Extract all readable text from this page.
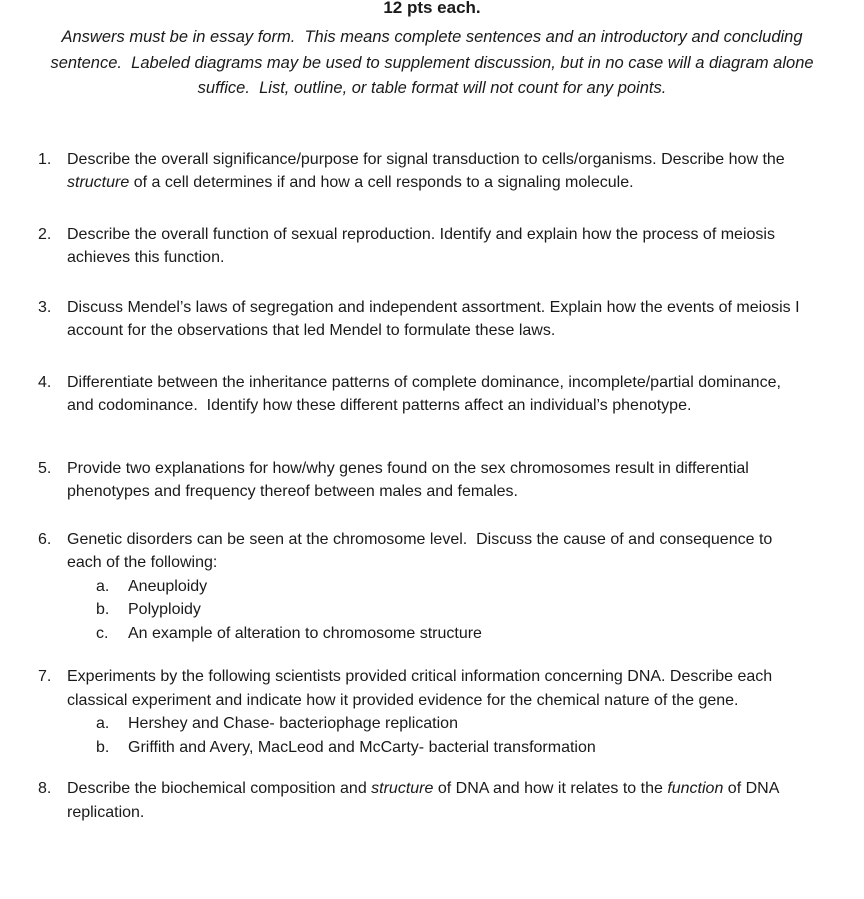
12 pts each.
Answers must be in essay form.  This means complete sentences and an introductory and concluding
sentence.  Labeled diagrams may be used to supplement discussion, but in no case will a diagram alone
suffice.  List, outline, or table format will not count for any points.
1. Describe the overall significance/purpose for signal transduction to cells/organisms. Describe how the structure of a cell determines if and how a cell responds to a signaling molecule.
2. Describe the overall function of sexual reproduction. Identify and explain how the process of meiosis achieves this function.
3. Discuss Mendel’s laws of segregation and independent assortment. Explain how the events of meiosis I account for the observations that led Mendel to formulate these laws.
4. Differentiate between the inheritance patterns of complete dominance, incomplete/partial dominance, and codominance.  Identify how these different patterns affect an individual’s phenotype.
5. Provide two explanations for how/why genes found on the sex chromosomes result in differential phenotypes and frequency thereof between males and females.
6. Genetic disorders can be seen at the chromosome level.  Discuss the cause of and consequence to each of the following:
a. Aneuploidy
b. Polyploidy
c. An example of alteration to chromosome structure
7. Experiments by the following scientists provided critical information concerning DNA. Describe each classical experiment and indicate how it provided evidence for the chemical nature of the gene.
a. Hershey and Chase- bacteriophage replication
b. Griffith and Avery, MacLeod and McCarty- bacterial transformation
8. Describe the biochemical composition and structure of DNA and how it relates to the function of DNA replication.
